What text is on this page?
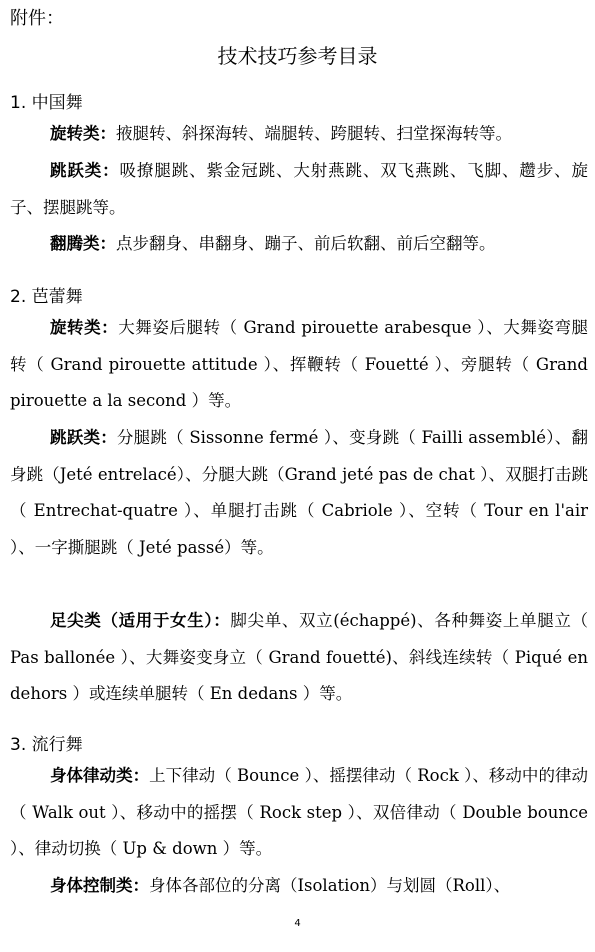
附件：
技术技巧参考目录
1. 中国舞
旋转类：掖腿转、斜探海转、端腿转、跨腿转、扫堂探海转等。
跳跃类：吸撩腿跳、紫金冠跳、大射燕跳、双飞燕跳、飞脚、趱步、旋子、摆腿跳等。
翻腾类：点步翻身、串翻身、蹦子、前后软翻、前后空翻等。
2. 芭蕾舞
旋转类：大舞姿后腿转（ Grand pirouette arabesque ）、大舞姿弯腿转（ Grand pirouette attitude ）、挥鞭转（ Fouetté ）、旁腿转（ Grand pirouette a la second ）等。
跳跃类：分腿跳（ Sissonne fermé ）、变身跳（ Failli assemblé）、翻身跳（Jeté entrelacé）、分腿大跳（Grand jeté pas de chat ）、双腿打击跳（ Entrechat-quatre ）、单腿打击跳（ Cabriole ）、空转（ Tour en l'air ）、一字撕腿跳（ Jeté passé）等。
足尖类（适用于女生）：脚尖单、双立(échappé)、各种舞姿上单腿立（ Pas ballonée ）、大舞姿变身立（ Grand fouetté)、斜线连续转（ Piqué en dehors ）或连续单腿转（ En dedans ）等。
3. 流行舞
身体律动类：上下律动（ Bounce ）、摇摆律动（ Rock ）、移动中的律动（ Walk out ）、移动中的摇摆（ Rock step ）、双倍律动（ Double bounce ）、律动切换（ Up & down ）等。
身体控制类：身体各部位的分离（Isolation）与划圆（Roll）、
4
